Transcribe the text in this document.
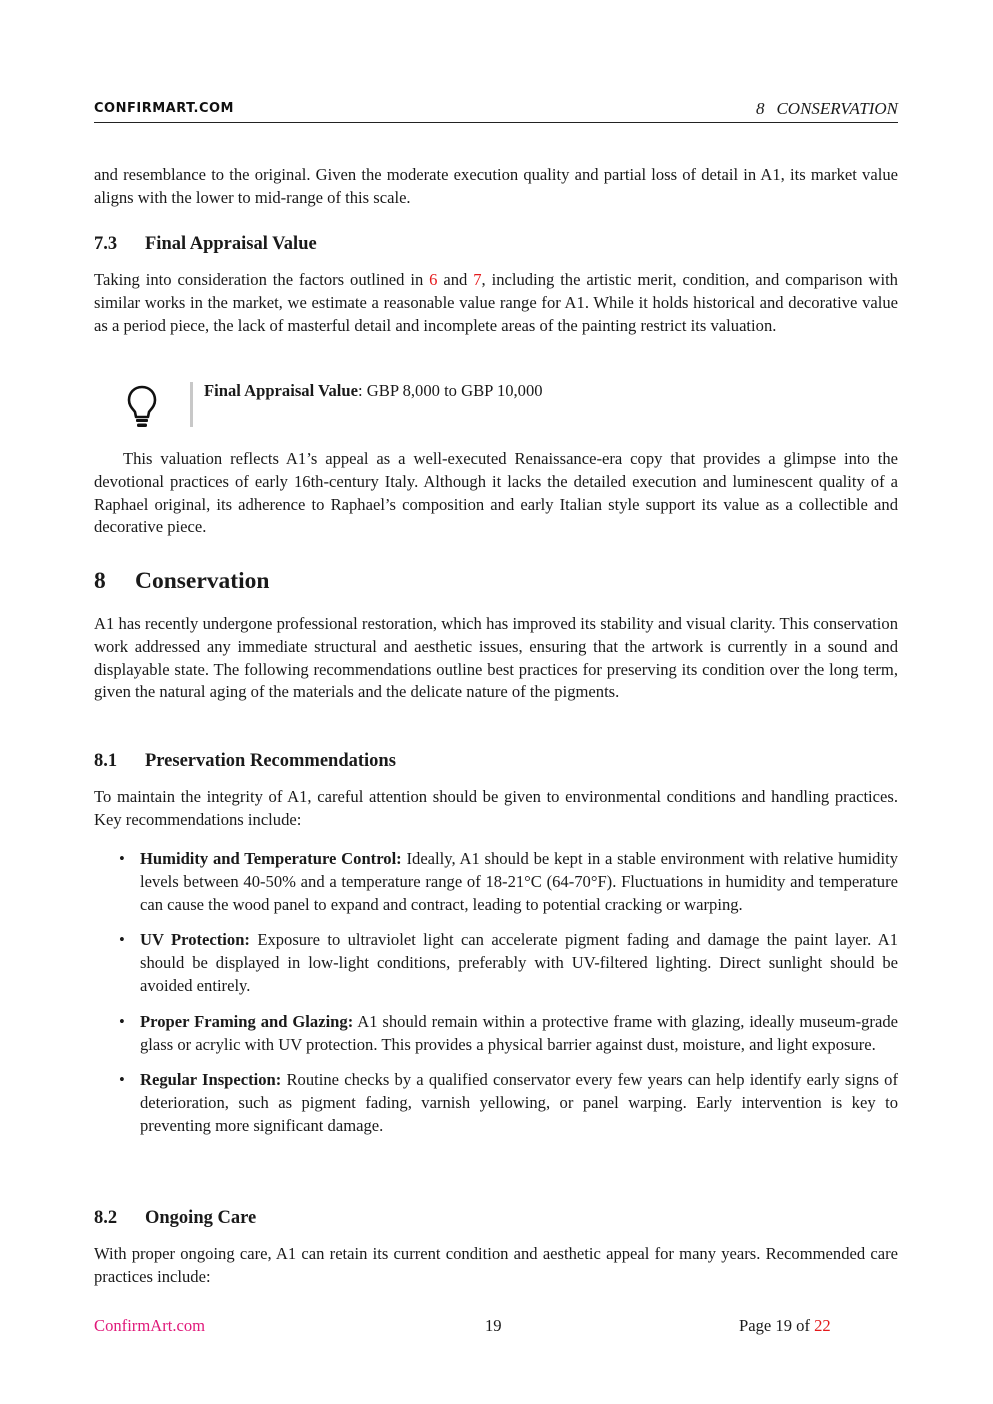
CONFIRMART.COM	8 CONSERVATION

and resemblance to the original. Given the moderate execution quality and partial loss of detail in A1, its market value aligns with the lower to mid-range of this scale.

7.3 Final Appraisal Value

Taking into consideration the factors outlined in 6 and 7, including the artistic merit, condition, and comparison with similar works in the market, we estimate a reasonable value range for A1. While it holds historical and decorative value as a period piece, the lack of masterful detail and incomplete areas of the painting restrict its valuation.

Final Appraisal Value: GBP 8,000 to GBP 10,000

This valuation reflects A1’s appeal as a well-executed Renaissance-era copy that provides a glimpse into the devotional practices of early 16th-century Italy. Although it lacks the detailed execution and luminescent quality of a Raphael original, its adherence to Raphael’s composition and early Italian style support its value as a collectible and decorative piece.

8 Conservation

A1 has recently undergone professional restoration, which has improved its stability and visual clarity. This conservation work addressed any immediate structural and aesthetic issues, ensuring that the artwork is currently in a sound and displayable state. The following recommendations outline best practices for preserving its condition over the long term, given the natural aging of the materials and the delicate nature of the pigments.

8.1 Preservation Recommendations

To maintain the integrity of A1, careful attention should be given to environmental conditions and handling practices. Key recommendations include:

• Humidity and Temperature Control: Ideally, A1 should be kept in a stable environment with relative humidity levels between 40-50% and a temperature range of 18-21°C (64-70°F). Fluctuations in humidity and temperature can cause the wood panel to expand and contract, leading to potential cracking or warping.

• UV Protection: Exposure to ultraviolet light can accelerate pigment fading and damage the paint layer. A1 should be displayed in low-light conditions, preferably with UV-filtered lighting. Direct sunlight should be avoided entirely.

• Proper Framing and Glazing: A1 should remain within a protective frame with glazing, ideally museum-grade glass or acrylic with UV protection. This provides a physical barrier against dust, moisture, and light exposure.

• Regular Inspection: Routine checks by a qualified conservator every few years can help identify early signs of deterioration, such as pigment fading, varnish yellowing, or panel warping. Early intervention is key to preventing more significant damage.

8.2 Ongoing Care

With proper ongoing care, A1 can retain its current condition and aesthetic appeal for many years. Recommended care practices include:

ConfirmArt.com	19	Page 19 of 22
